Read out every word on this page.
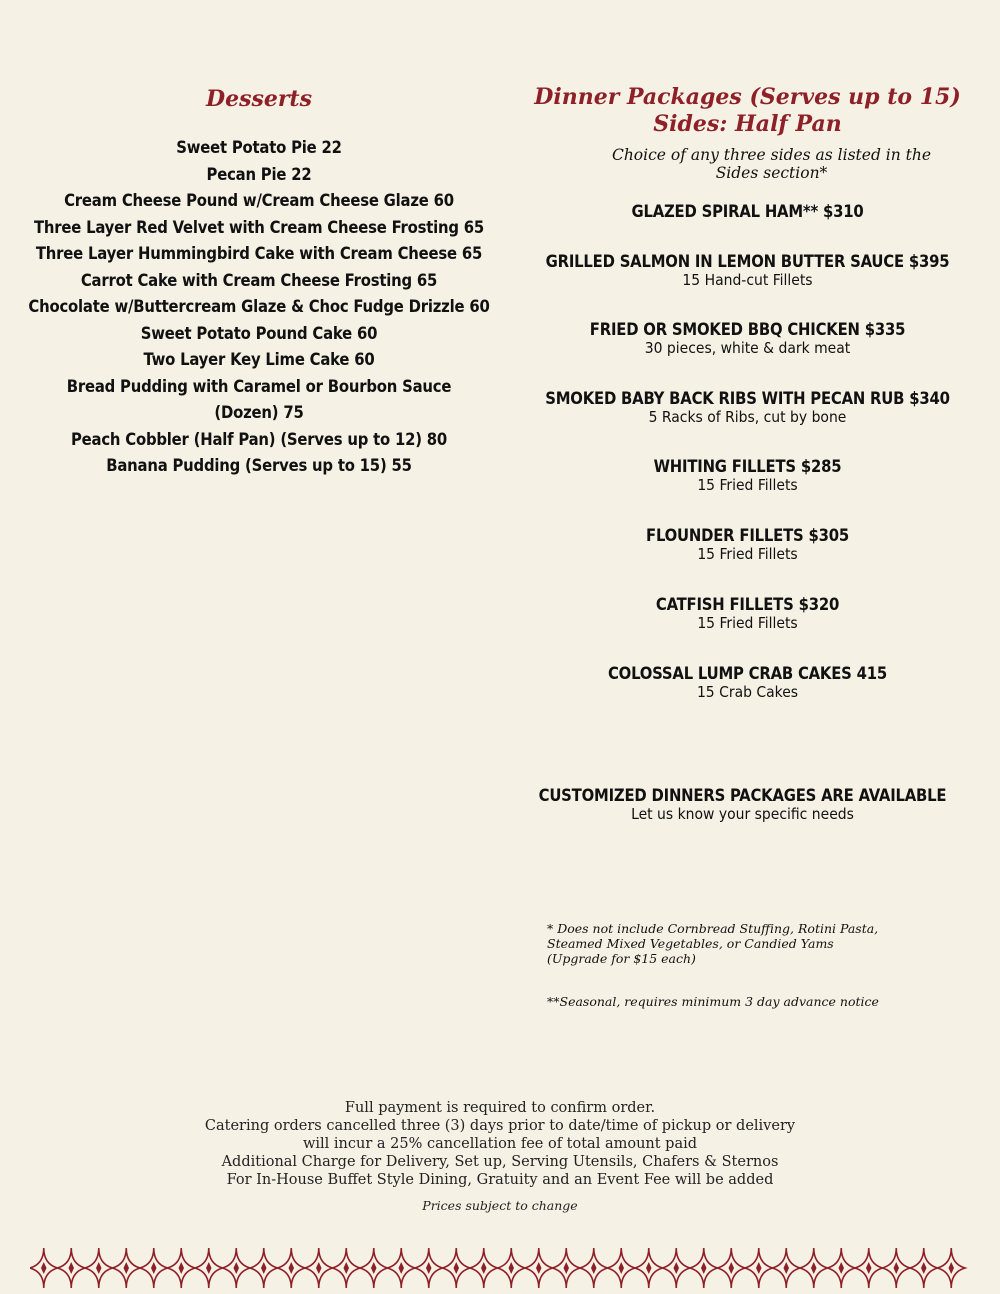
Desserts
Sweet Potato Pie 22
Pecan Pie 22
Cream Cheese Pound w/Cream Cheese Glaze 60
Three Layer Red Velvet with Cream Cheese Frosting 65
Three Layer Hummingbird Cake with Cream Cheese 65
Carrot Cake with Cream Cheese Frosting 65
Chocolate w/Buttercream Glaze & Choc Fudge Drizzle 60
Sweet Potato Pound Cake 60
Two Layer Key Lime Cake 60
Bread Pudding with Caramel or Bourbon Sauce
(Dozen) 75
Peach Cobbler (Half Pan) (Serves up to 12) 80
Banana Pudding (Serves up to 15) 55
Dinner Packages (Serves up to 15)
Sides: Half Pan

Choice of any three sides as listed in the
Sides section*

GLAZED SPIRAL HAM** $310
GRILLED SALMON IN LEMON BUTTER SAUCE $395
15 Hand-cut Fillets
FRIED OR SMOKED BBQ CHICKEN $335
30 pieces, white & dark meat
SMOKED BABY BACK RIBS WITH PECAN RUB $340
5 Racks of Ribs, cut by bone
WHITING FILLETS $285
15 Fried Fillets
FLOUNDER FILLETS $305
15 Fried Fillets
CATFISH FILLETS $320
15 Fried Fillets
COLOSSAL LUMP CRAB CAKES 415
15 Crab Cakes
CUSTOMIZED DINNERS PACKAGES ARE AVAILABLE
Let us know your specific needs
* Does not include Cornbread Stuffing, Rotini Pasta,
Steamed Mixed Vegetables, or Candied Yams
(Upgrade for $15 each)
**Seasonal, requires minimum 3 day advance notice
Full payment is required to confirm order.
Catering orders cancelled three (3) days prior to date/time of pickup or delivery
will incur a 25% cancellation fee of total amount paid
Additional Charge for Delivery, Set up, Serving Utensils, Chafers & Sternos
For In-House Buffet Style Dining, Gratuity and an Event Fee will be added
Prices subject to change
